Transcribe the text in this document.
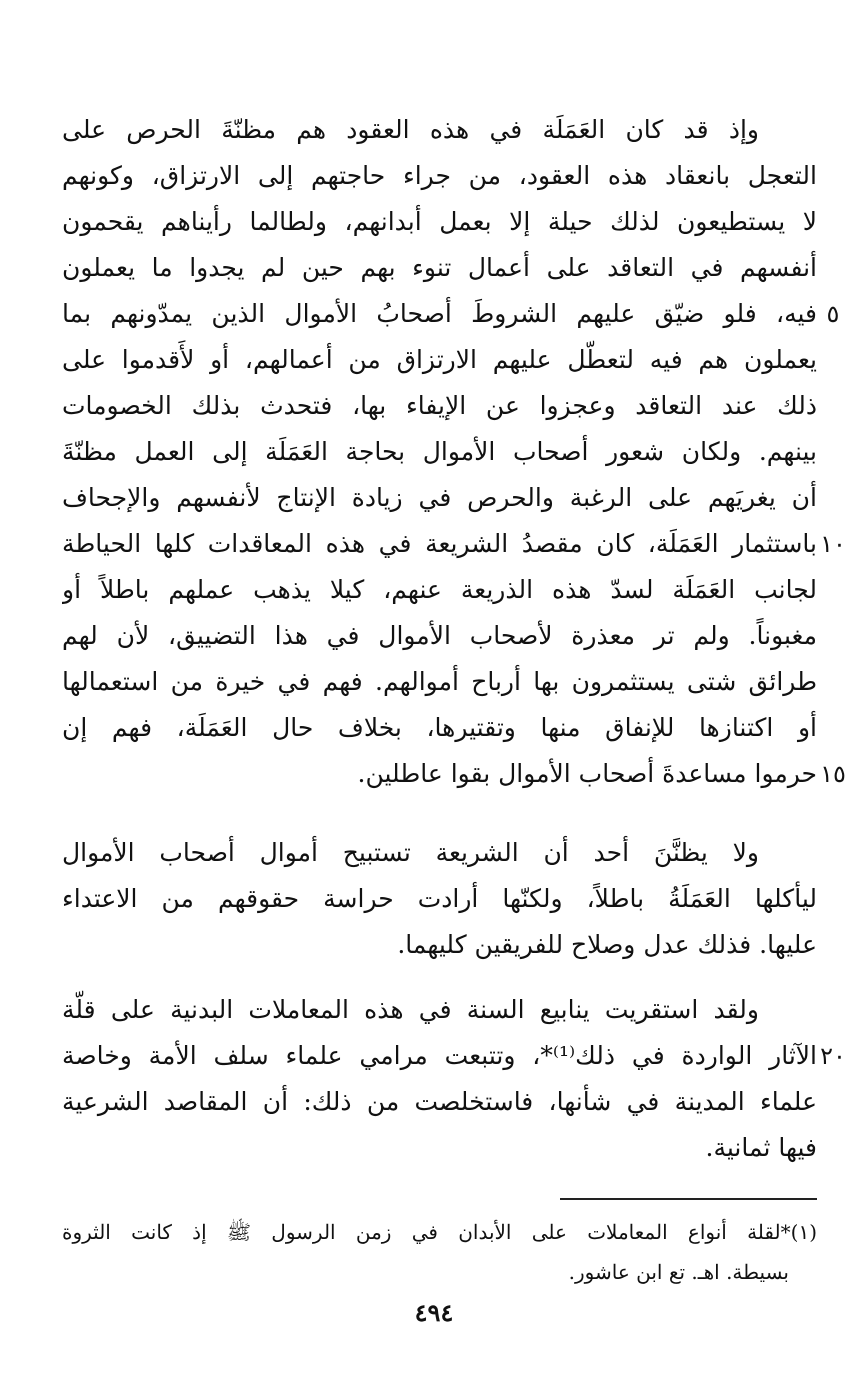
وإذ قد كان العَمَلَة في هذه العقود هم مظنّةَ الحرص على
التعجل بانعقاد هذه العقود، من جراء حاجتهم إلى الارتزاق، وكونهم
لا يستطيعون لذلك حيلة إلا بعمل أبدانهم، ولطالما رأيناهم يقحمون
أنفسهم في التعاقد على أعمال تنوء بهم حين لم يجدوا ما يعملون
فيه، فلو ضيّق عليهم الشروطَ أصحابُ الأموال الذين يمدّونهم بما
يعملون هم فيه لتعطّل عليهم الارتزاق من أعمالهم، أو لأَقدموا على
ذلك عند التعاقد وعجزوا عن الإيفاء بها، فتحدث بذلك الخصومات
بينهم. ولكان شعور أصحاب الأموال بحاجة العَمَلَة إلى العمل مظنّةَ
أن يغريَهم على الرغبة والحرص في زيادة الإنتاج لأنفسهم والإجحاف
باستثمار العَمَلَة، كان مقصدُ الشريعة في هذه المعاقدات كلها الحياطة
لجانب العَمَلَة لسدّ هذه الذريعة عنهم، كيلا يذهب عملهم باطلاً أو
مغبوناً. ولم تر معذرة لأصحاب الأموال في هذا التضييق، لأن لهم
طرائق شتى يستثمرون بها أرباح أموالهم. فهم في خيرة من استعمالها
أو اكتنازها للإنفاق منها وتقتيرها، بخلاف حال العَمَلَة، فهم إن
حرموا مساعدةَ أصحاب الأموال بقوا عاطلين.
ولا يظنَّنَ أحد أن الشريعة تستبيح أموال أصحاب الأموال
ليأكلها العَمَلَةُ باطلاً، ولكنّها أرادت حراسة حقوقهم من الاعتداء
عليها. فذلك عدل وصلاح للفريقين كليهما.
ولقد استقريت ينابيع السنة في هذه المعاملات البدنية على قلّة
الآثار الواردة في ذلك⁽¹⁾*، وتتبعت مرامي علماء سلف الأمة وخاصة
علماء المدينة في شأنها، فاستخلصت من ذلك: أن المقاصد الشرعية
فيها ثمانية.
٥
١٠
١٥
٢٠
(١)*لقلة أنواع المعاملات على الأبدان في زمن الرسول ﷺ إذ كانت الثروة
بسيطة. اهـ. تع ابن عاشور.
٤٩٤
